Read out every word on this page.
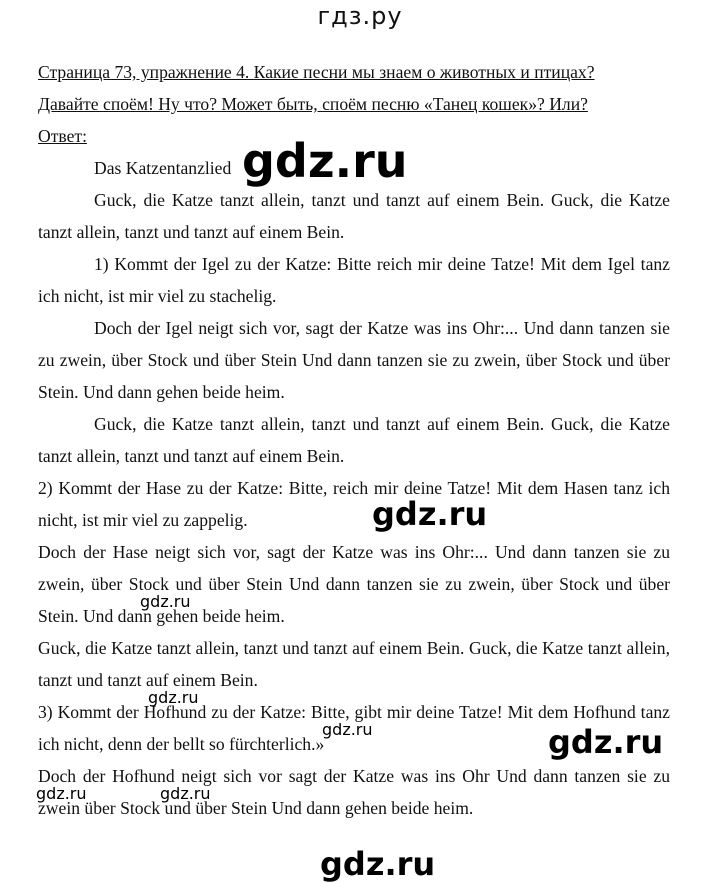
гдз.ру

Страница 73, упражнение 4. Какие песни мы знаем о животных и птицах?

Давайте споём! Ну что? Может быть, споём песню «Танец кошек»? Или?

Ответ:

Das Katzentanzlied

Guck, die Katze tanzt allein, tanzt und tanzt auf einem Bein. Guck, die Katze tanzt allein, tanzt und tanzt auf einem Bein.

1) Kommt der Igel zu der Katze: Bitte reich mir deine Tatze! Mit dem Igel tanz ich nicht, ist mir viel zu stachelig.

Doch der Igel neigt sich vor, sagt der Katze was ins Ohr:... Und dann tanzen sie zu zwein, über Stock und über Stein Und dann tanzen sie zu zwein, über Stock und über Stein. Und dann gehen beide heim.

Guck, die Katze tanzt allein, tanzt und tanzt auf einem Bein. Guck, die Katze tanzt allein, tanzt und tanzt auf einem Bein.

2) Kommt der Hase zu der Katze: Bitte, reich mir deine Tatze! Mit dem Hasen tanz ich nicht, ist mir viel zu zappelig.

Doch der Hase neigt sich vor, sagt der Katze was ins Ohr:... Und dann tanzen sie zu zwein, über Stock und über Stein Und dann tanzen sie zu zwein, über Stock und über Stein. Und dann gehen beide heim.

Guck, die Katze tanzt allein, tanzt und tanzt auf einem Bein. Guck, die Katze tanzt allein, tanzt und tanzt auf einem Bein.

3) Kommt der Hofhund zu der Katze: Bitte, gibt mir deine Tatze! Mit dem Hofhund tanz ich nicht, denn der bellt so fürchterlich.»

Doch der Hofhund neigt sich vor sagt der Katze was ins Ohr Und dann tanzen sie zu zwein über Stock und über Stein Und dann gehen beide heim.

gdz.ru
gdz.ru
gdz.ru
gdz.ru
gdz.ru	gdz.ru
gdz.ru	gdz.ru
gdz.ru
